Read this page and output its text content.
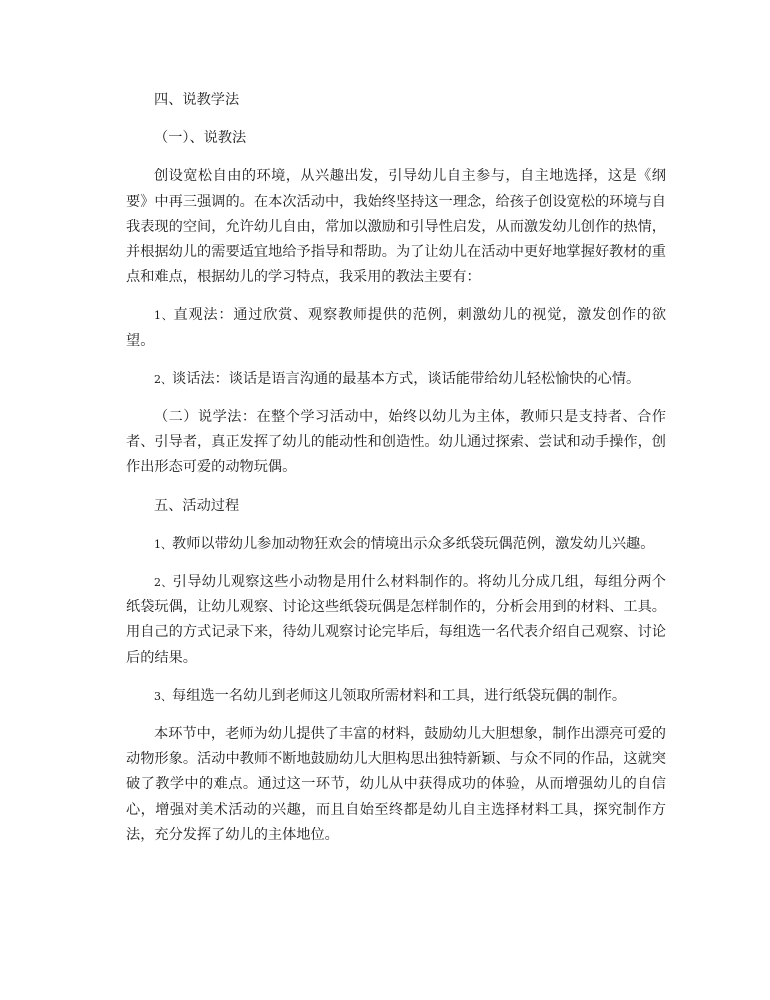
四、说教学法

（一）、说教法

创设宽松自由的环境，从兴趣出发，引导幼儿自主参与，自主地选择，这是《纲要》中再三强调的。在本次活动中，我始终坚持这一理念，给孩子创设宽松的环境与自我表现的空间，允许幼儿自由，常加以激励和引导性启发，从而激发幼儿创作的热情，并根据幼儿的需要适宜地给予指导和帮助。为了让幼儿在活动中更好地掌握好教材的重点和难点，根据幼儿的学习特点，我采用的教法主要有：

1、直观法：通过欣赏、观察教师提供的范例，刺激幼儿的视觉，激发创作的欲望。

2、谈话法：谈话是语言沟通的最基本方式，谈话能带给幼儿轻松愉快的心情。

（二）说学法：在整个学习活动中，始终以幼儿为主体，教师只是支持者、合作者、引导者，真正发挥了幼儿的能动性和创造性。幼儿通过探索、尝试和动手操作，创作出形态可爱的动物玩偶。

五、活动过程

1、教师以带幼儿参加动物狂欢会的情境出示众多纸袋玩偶范例，激发幼儿兴趣。

2、引导幼儿观察这些小动物是用什么材料制作的。将幼儿分成几组，每组分两个纸袋玩偶，让幼儿观察、讨论这些纸袋玩偶是怎样制作的，分析会用到的材料、工具。用自己的方式记录下来，待幼儿观察讨论完毕后，每组选一名代表介绍自己观察、讨论后的结果。

3、每组选一名幼儿到老师这儿领取所需材料和工具，进行纸袋玩偶的制作。

本环节中，老师为幼儿提供了丰富的材料，鼓励幼儿大胆想象，制作出漂亮可爱的动物形象。活动中教师不断地鼓励幼儿大胆构思出独特新颖、与众不同的作品，这就突破了教学中的难点。通过这一环节，幼儿从中获得成功的体验，从而增强幼儿的自信心，增强对美术活动的兴趣，而且自始至终都是幼儿自主选择材料工具，探究制作方法，充分发挥了幼儿的主体地位。
